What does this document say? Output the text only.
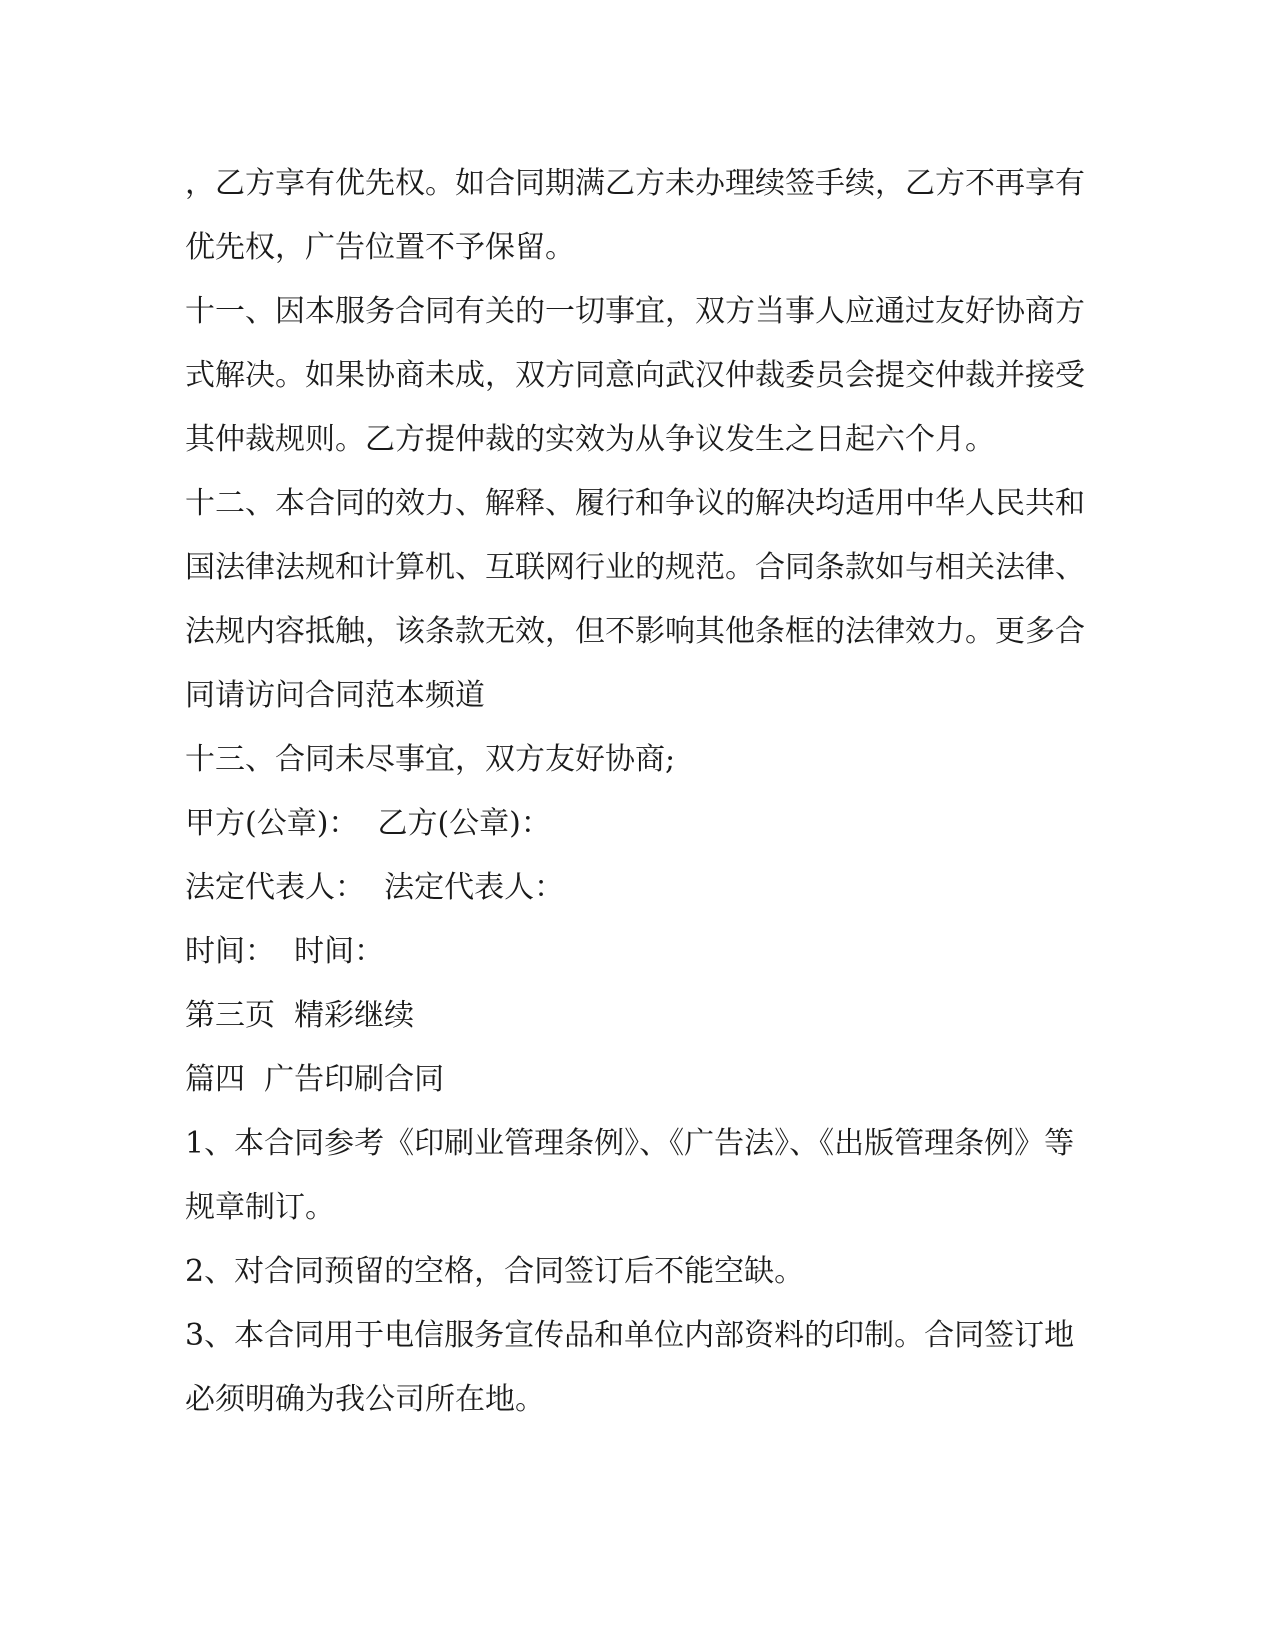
，乙方享有优先权。如合同期满乙方未办理续签手续，乙方不再享有优先权，广告位置不予保留。

十一、因本服务合同有关的一切事宜，双方当事人应通过友好协商方式解决。如果协商未成，双方同意向武汉仲裁委员会提交仲裁并接受其仲裁规则。乙方提仲裁的实效为从争议发生之日起六个月。

十二、本合同的效力、解释、履行和争议的解决均适用中华人民共和国法律法规和计算机、互联网行业的规范。合同条款如与相关法律、法规内容抵触，该条款无效，但不影响其他条框的法律效力。更多合同请访问合同范本频道

十三、合同未尽事宜，双方友好协商;

甲方(公章)：  乙方(公章)：

法定代表人：  法定代表人：

时间：  时间：

第三页  精彩继续

篇四  广告印刷合同

1、本合同参考《印刷业管理条例》、《广告法》、《出版管理条例》等规章制订。

2、对合同预留的空格，合同签订后不能空缺。

3、本合同用于电信服务宣传品和单位内部资料的印制。合同签订地必须明确为我公司所在地。
